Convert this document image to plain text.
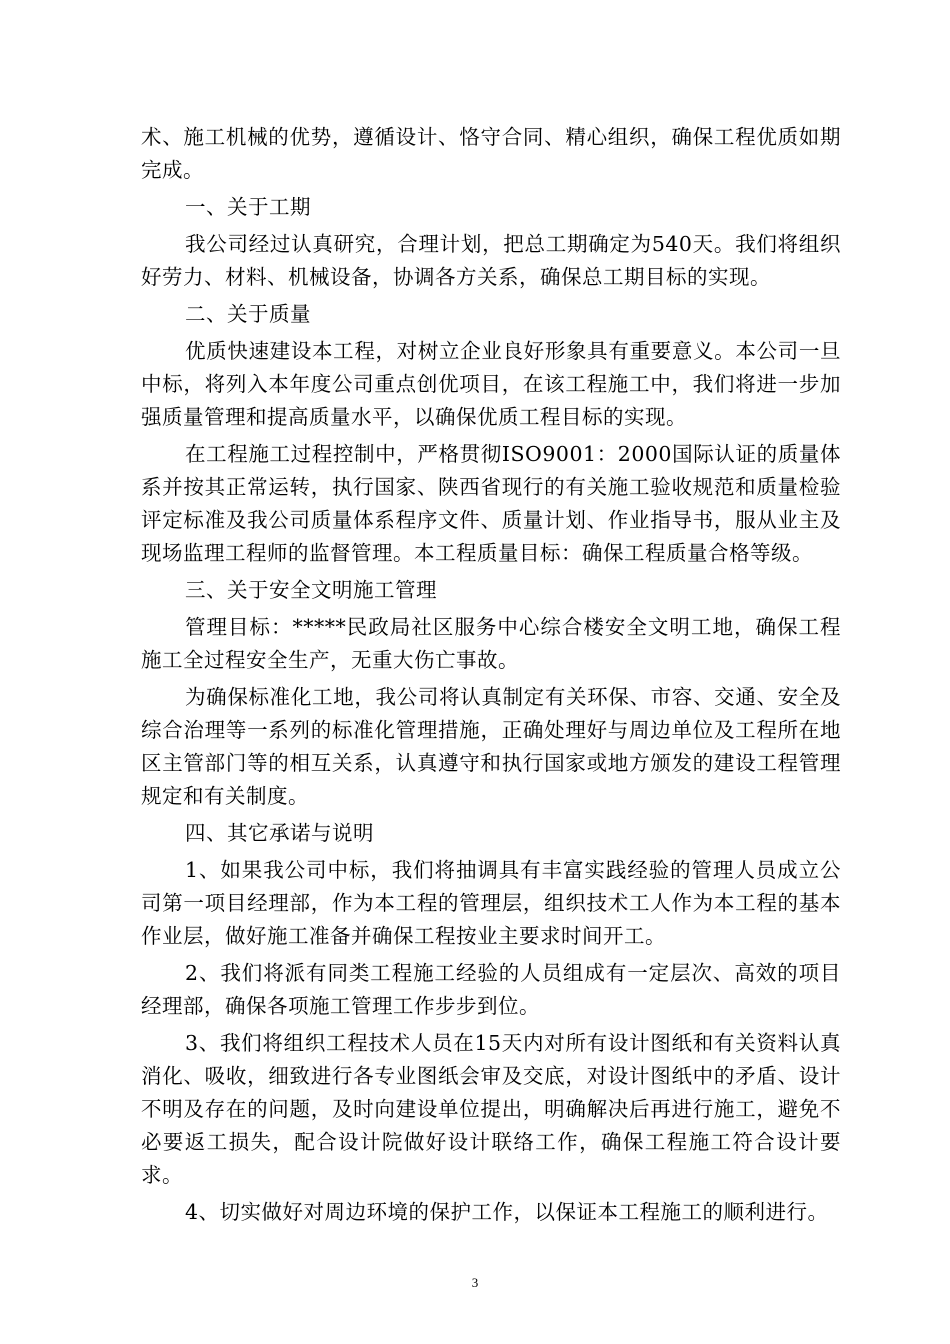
术、施工机械的优势，遵循设计、恪守合同、精心组织，确保工程优质如期完成。

一、关于工期

我公司经过认真研究，合理计划，把总工期确定为540天。我们将组织好劳力、材料、机械设备，协调各方关系，确保总工期目标的实现。

二、关于质量

优质快速建设本工程，对树立企业良好形象具有重要意义。本公司一旦中标，将列入本年度公司重点创优项目，在该工程施工中，我们将进一步加强质量管理和提高质量水平，以确保优质工程目标的实现。

在工程施工过程控制中，严格贯彻ISO9001：2000国际认证的质量体系并按其正常运转，执行国家、陕西省现行的有关施工验收规范和质量检验评定标准及我公司质量体系程序文件、质量计划、作业指导书，服从业主及现场监理工程师的监督管理。本工程质量目标：确保工程质量合格等级。

三、关于安全文明施工管理

管理目标：*****民政局社区服务中心综合楼安全文明工地，确保工程施工全过程安全生产，无重大伤亡事故。

为确保标准化工地，我公司将认真制定有关环保、市容、交通、安全及综合治理等一系列的标准化管理措施，正确处理好与周边单位及工程所在地区主管部门等的相互关系，认真遵守和执行国家或地方颁发的建设工程管理规定和有关制度。

四、其它承诺与说明

1、如果我公司中标，我们将抽调具有丰富实践经验的管理人员成立公司第一项目经理部，作为本工程的管理层，组织技术工人作为本工程的基本作业层，做好施工准备并确保工程按业主要求时间开工。

2、我们将派有同类工程施工经验的人员组成有一定层次、高效的项目经理部，确保各项施工管理工作步步到位。

3、我们将组织工程技术人员在15天内对所有设计图纸和有关资料认真消化、吸收，细致进行各专业图纸会审及交底，对设计图纸中的矛盾、设计不明及存在的问题，及时向建设单位提出，明确解决后再进行施工，避免不必要返工损失，配合设计院做好设计联络工作，确保工程施工符合设计要求。

4、切实做好对周边环境的保护工作，以保证本工程施工的顺利进行。

3
